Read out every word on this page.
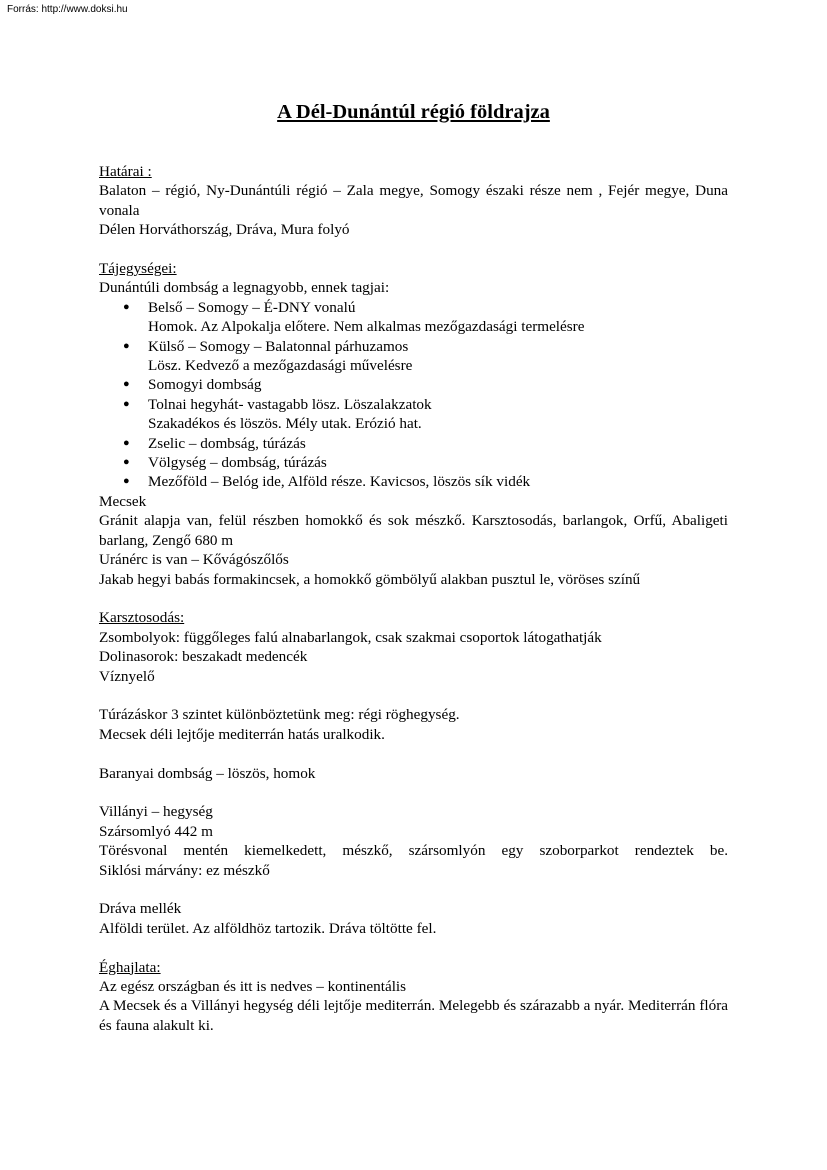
Forrás: http://www.doksi.hu
A Dél-Dunántúl régió földrajza

Határai :

Balaton – régió, Ny-Dunántúli régió – Zala megye, Somogy északi része nem , Fejér megye, Duna vonala

Délen Horváthország, Dráva, Mura folyó

Tájegységei:

Dunántúli dombság a legnagyobb, ennek tagjai:

● Belső – Somogy – É-DNY vonalú
Homok. Az Alpokalja előtere. Nem alkalmas mezőgazdasági termelésre
● Külső – Somogy – Balatonnal párhuzamos
Lösz. Kedvező a mezőgazdasági művelésre
● Somogyi dombság
● Tolnai hegyhát- vastagabb lösz. Löszalakzatok
Szakadékos és löszös. Mély utak. Erózió hat.
● Zselic – dombság, túrázás
● Völgység – dombság, túrázás
● Mezőföld – Belóg ide, Alföld része. Kavicsos, löszös sík vidék

Mecsek

Gránit alapja van, felül részben homokkő és sok mészkő. Karsztosodás, barlangok, Orfű, Abaligeti barlang, Zengő 680 m

Uránérc is van – Kővágószőlős

Jakab hegyi babás formakincsek, a homokkő gömbölyű alakban pusztul le, vöröses színű

Karsztosodás:

Zsombolyok: függőleges falú alnabarlangok, csak szakmai csoportok látogathatják

Dolinasorok: beszakadt medencék

Víznyelő

Túrázáskor 3 szintet különböztetünk meg: régi röghegység.

Mecsek déli lejtője mediterrán hatás uralkodik.

Baranyai dombság – löszös, homok

Villányi – hegység

Szársomlyó 442 m

Törésvonal mentén kiemelkedett, mészkő, szársomlyón egy szoborparkot rendeztek be.

Siklósi márvány: ez mészkő

Dráva mellék

Alföldi terület. Az alföldhöz tartozik. Dráva töltötte fel.

Éghajlata:

Az egész országban és itt is nedves – kontinentális

A Mecsek és a Villányi hegység déli lejtője mediterrán. Melegebb és szárazabb a nyár. Mediterrán flóra és fauna alakult ki.
